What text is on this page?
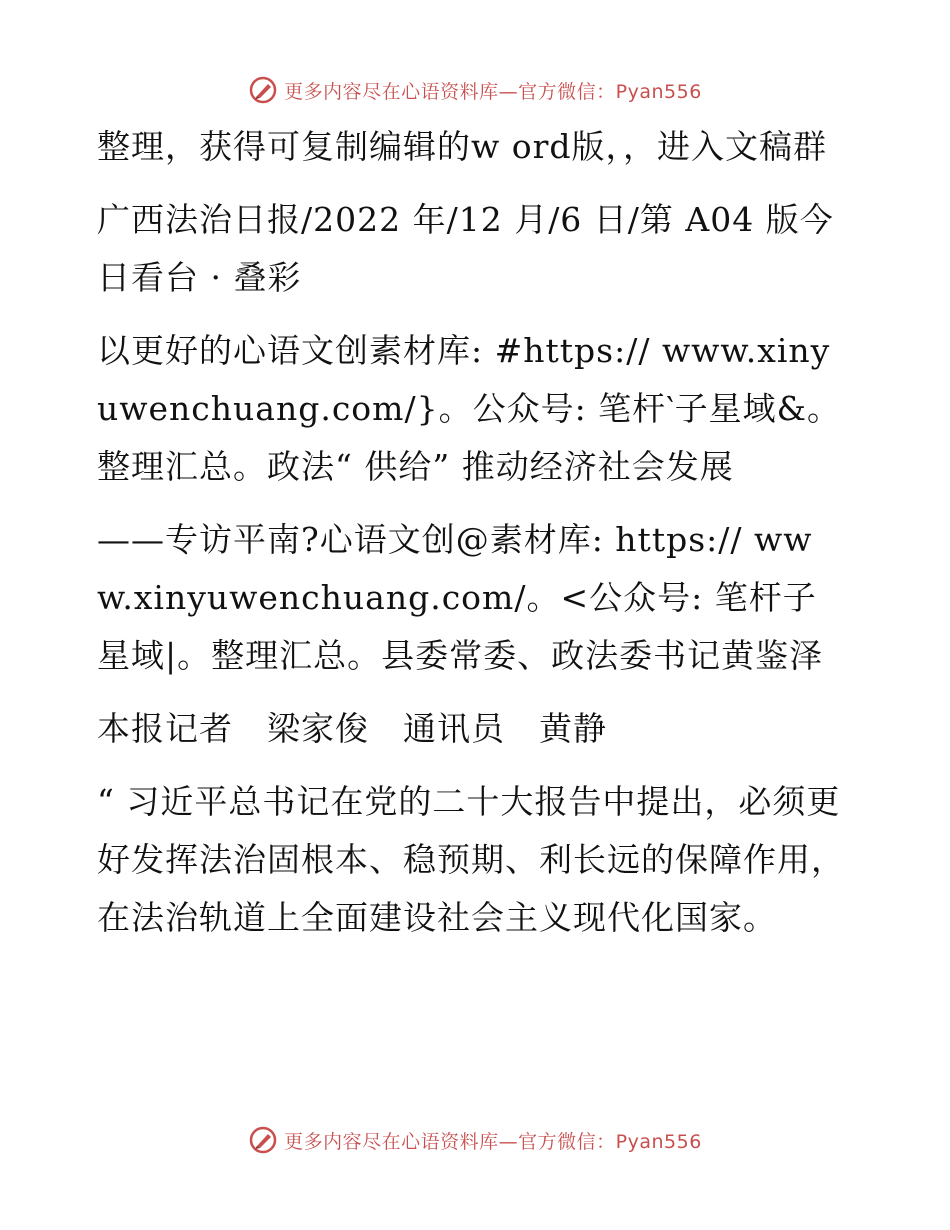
更多内容尽在心语资料库—官方微信：Pyan556

整理，获得可复制编辑的w ord版，，进入文稿群

广西法治日报/2022 年/12 月/6 日/第 A04 版今日看台 · 叠彩

以更好的心语文创素材库: #https:// www.xinyuwenchuang.com/}。公众号: 笔杆‵子星域&。整理汇总。政法“ 供给” 推动经济社会发展

——专访平南?心语文创@素材库: https:// www.xinyuwenchuang.com/。<公众号: 笔杆子星域|。整理汇总。县委常委、政法委书记黄鉴泽

本报记者　梁家俊　通讯员　黄静

“ 习近平总书记在党的二十大报告中提出，必须更好发挥法治固根本、稳预期、利长远的保障作用，在法治轨道上全面建设社会主义现代化国家。

更多内容尽在心语资料库—官方微信：Pyan556
